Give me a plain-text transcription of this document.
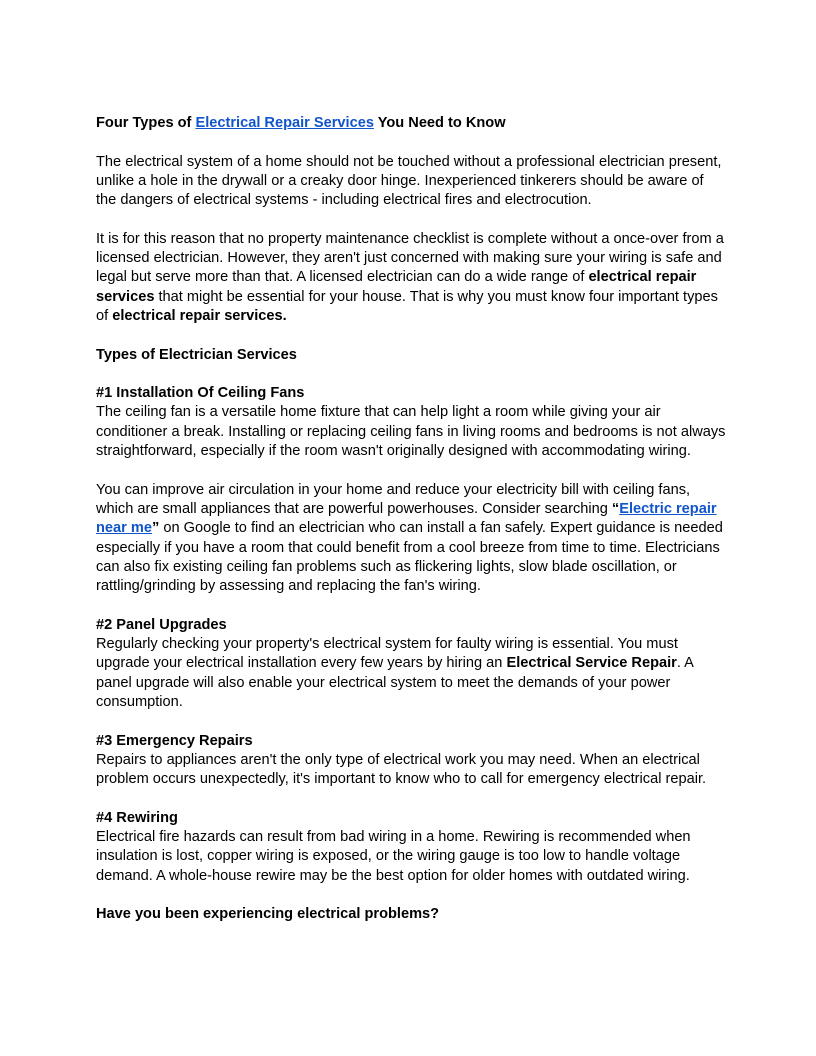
Four Types of Electrical Repair Services You Need to Know

The electrical system of a home should not be touched without a professional electrician present, unlike a hole in the drywall or a creaky door hinge. Inexperienced tinkerers should be aware of the dangers of electrical systems - including electrical fires and electrocution.

It is for this reason that no property maintenance checklist is complete without a once-over from a licensed electrician. However, they aren't just concerned with making sure your wiring is safe and legal but serve more than that. A licensed electrician can do a wide range of electrical repair services that might be essential for your house. That is why you must know four important types of electrical repair services.

Types of Electrician Services

#1 Installation Of Ceiling Fans

The ceiling fan is a versatile home fixture that can help light a room while giving your air conditioner a break. Installing or replacing ceiling fans in living rooms and bedrooms is not always straightforward, especially if the room wasn't originally designed with accommodating wiring.

You can improve air circulation in your home and reduce your electricity bill with ceiling fans, which are small appliances that are powerful powerhouses. Consider searching “Electric repair near me” on Google to find an electrician who can install a fan safely. Expert guidance is needed especially if you have a room that could benefit from a cool breeze from time to time. Electricians can also fix existing ceiling fan problems such as flickering lights, slow blade oscillation, or rattling/grinding by assessing and replacing the fan's wiring.

#2 Panel Upgrades

Regularly checking your property's electrical system for faulty wiring is essential. You must upgrade your electrical installation every few years by hiring an Electrical Service Repair. A panel upgrade will also enable your electrical system to meet the demands of your power consumption.

#3 Emergency Repairs

Repairs to appliances aren't the only type of electrical work you may need. When an electrical problem occurs unexpectedly, it's important to know who to call for emergency electrical repair.

#4 Rewiring

Electrical fire hazards can result from bad wiring in a home. Rewiring is recommended when insulation is lost, copper wiring is exposed, or the wiring gauge is too low to handle voltage demand. A whole-house rewire may be the best option for older homes with outdated wiring.

Have you been experiencing electrical problems?
